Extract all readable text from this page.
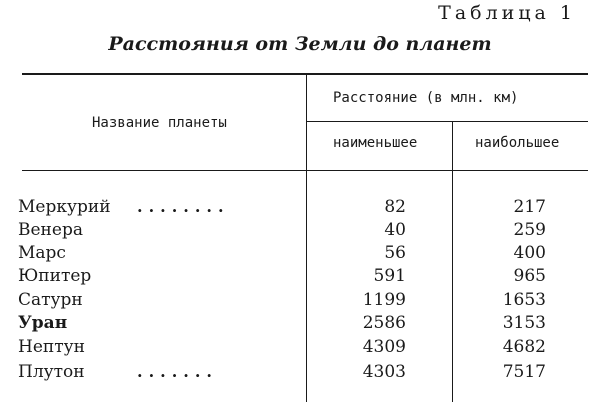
Таблица 1
Расстояния от Земли до планет
Название планеты
Расстояние (в млн. км)
наименьшее	наибольшее
Меркурий ........	82	217
Венера	40	259
Марс	56	400
Юпитер	591	965
Сатурн	1199	1653
Уран	2586	3153
Нептун	4309	4682
Плутон	.......	4303	7517
